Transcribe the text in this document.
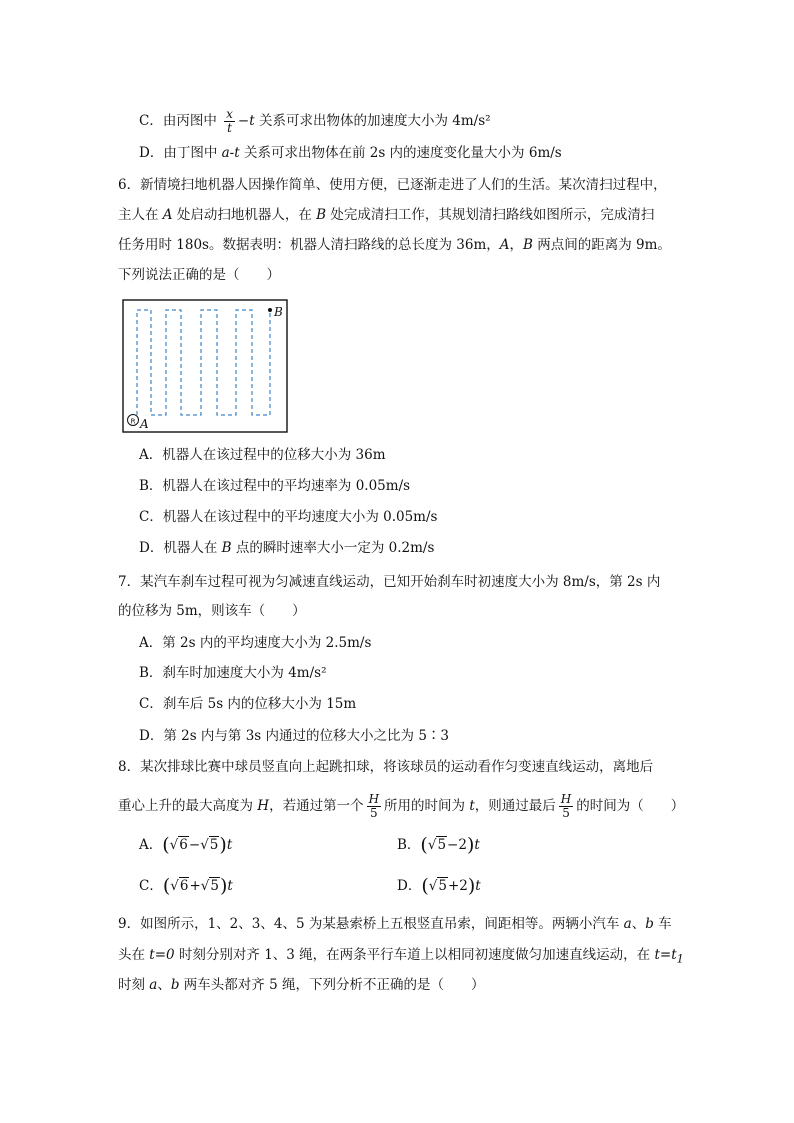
C．由丙图中 $\frac{x}{t} -t$ 关系可求出物体的加速度大小为 4m/s²
D．由丁图中 a-t 关系可求出物体在前 2s 内的速度变化量大小为 6m/s
6．新情境扫地机器人因操作简单、使用方便，已逐渐走进了人们的生活。某次清扫过程中，
主人在 A 处启动扫地机器人，在 B 处完成清扫工作，其规划清扫路线如图所示，完成清扫
任务用时 180s。数据表明：机器人清扫路线的总长度为 36m，A，B 两点间的距离为 9m。
下列说法正确的是（　　）
B
R A
A．机器人在该过程中的位移大小为 36m
B．机器人在该过程中的平均速率为 0.05m/s
C．机器人在该过程中的平均速度大小为 0.05m/s
D．机器人在 B 点的瞬时速率大小一定为 0.2m/s
7．某汽车刹车过程可视为匀减速直线运动，已知开始刹车时初速度大小为 8m/s，第 2s 内
的位移为 5m，则该车（　　）
A．第 2s 内的平均速度大小为 2.5m/s
B．刹车时加速度大小为 4m/s²
C．刹车后 5s 内的位移大小为 15m
D．第 2s 内与第 3s 内通过的位移大小之比为 5∶3
8．某次排球比赛中球员竖直向上起跳扣球，将该球员的运动看作匀变速直线运动，离地后
重心上升的最大高度为 H，若通过第一个 $\frac{H}{5}$ 所用的时间为 t，则通过最后 $\frac{H}{5}$ 的时间为（　　）
A．(√6−√5)t	B．(√5−2)t
C．(√6+√5)t	D．(√5+2)t
9．如图所示，1、2、3、4、5 为某悬索桥上五根竖直吊索，间距相等。两辆小汽车 a、b 车
头在 t=0 时刻分别对齐 1、3 绳，在两条平行车道上以相同初速度做匀加速直线运动，在 $t=t_1$
时刻 a、b 两车头都对齐 5 绳，下列分析不正确的是（　　）
